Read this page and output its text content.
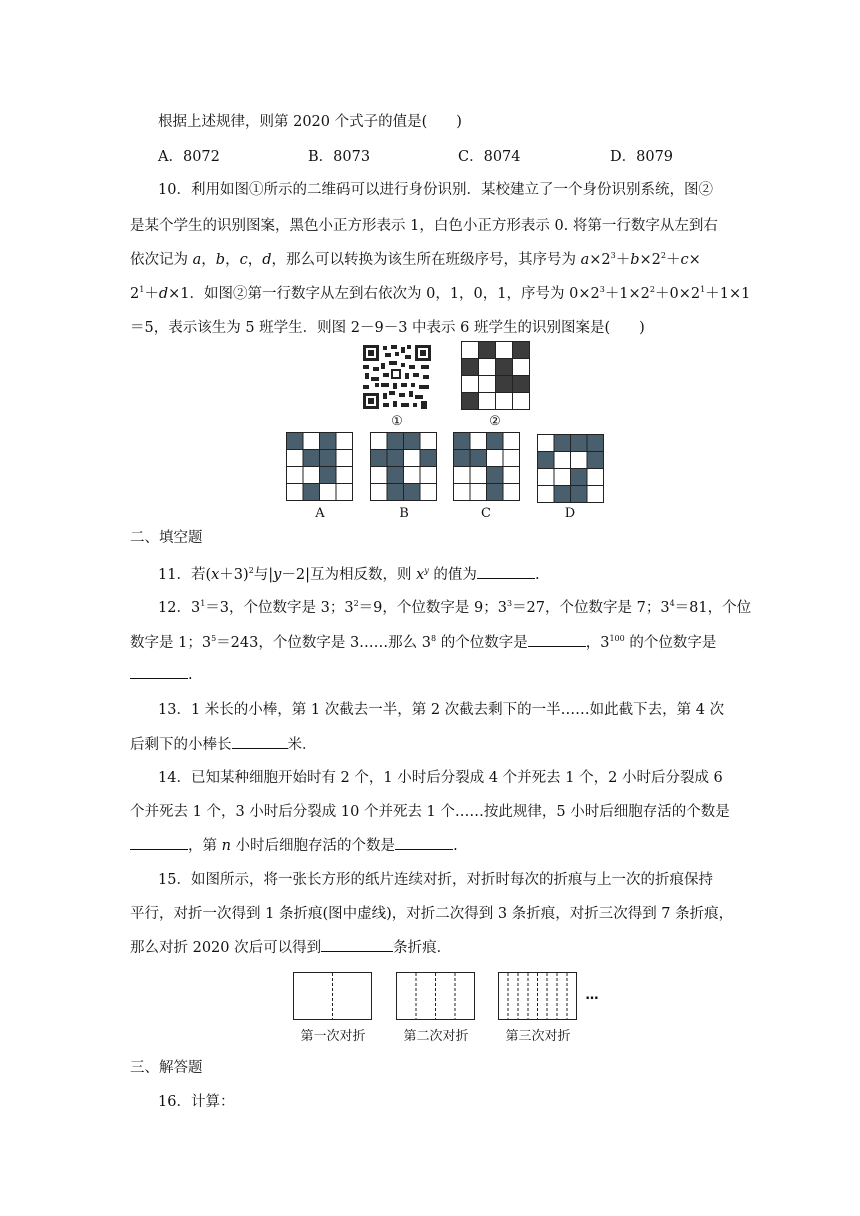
根据上述规律，则第 2020 个式子的值是(　　)
A．8072	B．8073	C．8074	D．8079
10．利用如图①所示的二维码可以进行身份识别．某校建立了一个身份识别系统，图②
是某个学生的识别图案，黑色小正方形表示 1，白色小正方形表示 0. 将第一行数字从左到右
依次记为 a，b，c，d，那么可以转换为该生所在班级序号，其序号为 $a\times 2^3+b\times 2^2+c\times$
$2^1+d\times 1$．如图②第一行数字从左到右依次为 0，1，0，1，序号为 $0\times 2^3+1\times 2^2+0\times 2^1+1\times 1$
＝5，表示该生为 5 班学生．则图 2－9－3 中表示 6 班学生的识别图案是(　　)
①	②
A	B	C	D
二、填空题
11．若$(x+3)^2$与|y－2|互为相反数，则 $x^y$ 的值为	.
12．$3^1=3$，个位数字是 3；$3^2=9$，个位数字是 9；$3^3=27$，个位数字是 7；$3^4=81$，个位
数字是 1；$3^5=243$，个位数字是 3……那么 $3^8$ 的个位数字是	，$3^{100}$ 的个位数字是
.
13．1 米长的小棒，第 1 次截去一半，第 2 次截去剩下的一半……如此截下去，第 4 次
后剩下的小棒长	米．
14．已知某种细胞开始时有 2 个，1 小时后分裂成 4 个并死去 1 个，2 小时后分裂成 6
个并死去 1 个，3 小时后分裂成 10 个并死去 1 个……按此规律，5 小时后细胞存活的个数是
，第 n 小时后细胞存活的个数是	.
15．如图所示，将一张长方形的纸片连续对折，对折时每次的折痕与上一次的折痕保持
平行，对折一次得到 1 条折痕(图中虚线)，对折二次得到 3 条折痕，对折三次得到 7 条折痕，
那么对折 2020 次后可以得到	条折痕．
第一次对折	第二次对折	第三次对折
…
三、解答题
16．计算：
